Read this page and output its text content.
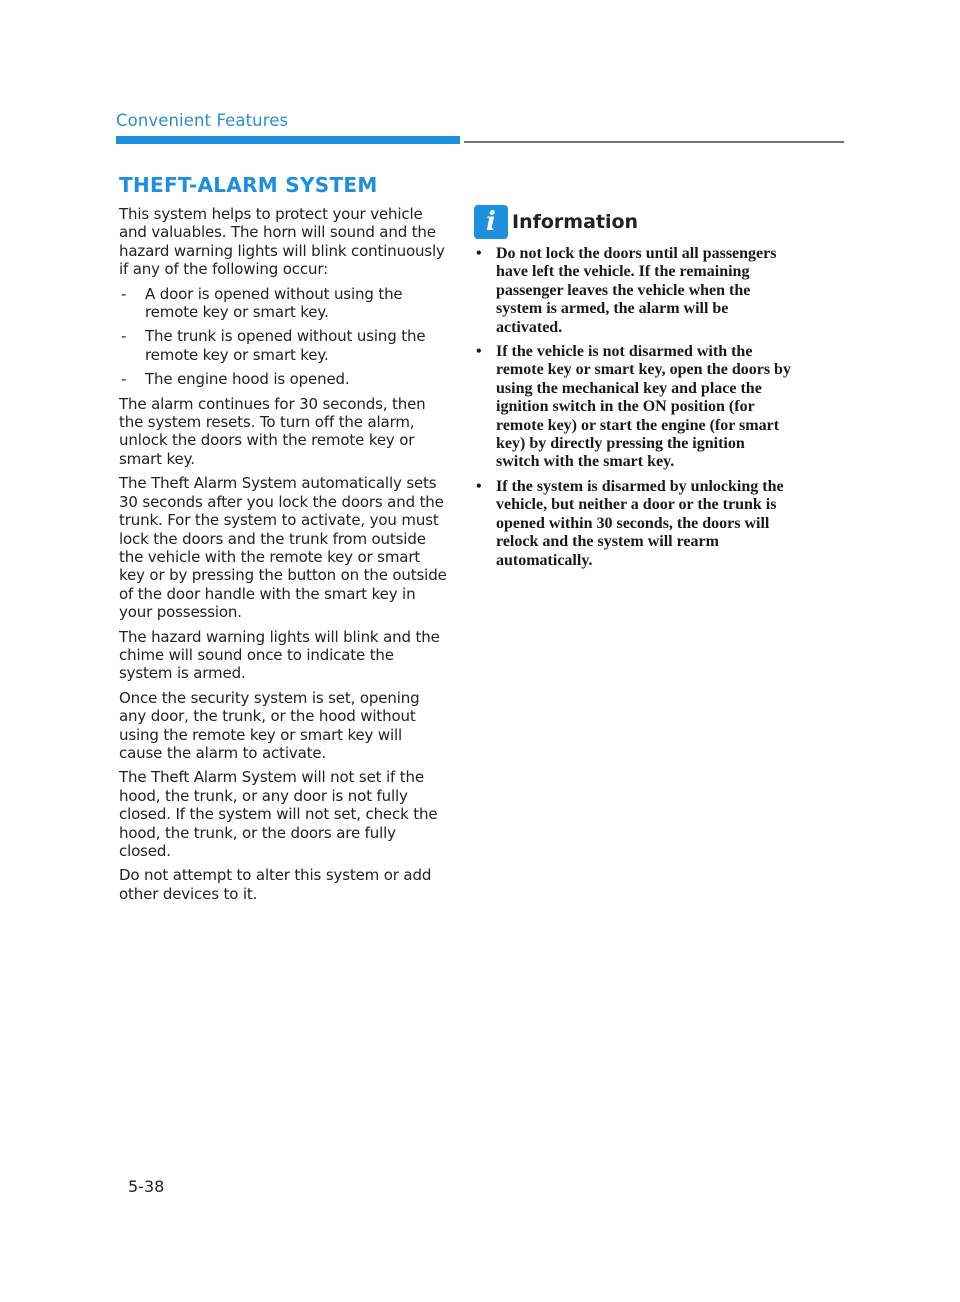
Convenient Features
THEFT-ALARM SYSTEM

This system helps to protect your vehicle and valuables. The horn will sound and the hazard warning lights will blink continuously if any of the following occur:

- A door is opened without using the remote key or smart key.
- The trunk is opened without using the remote key or smart key.
- The engine hood is opened.

The alarm continues for 30 seconds, then the system resets. To turn off the alarm, unlock the doors with the remote key or smart key.

The Theft Alarm System automatically sets 30 seconds after you lock the doors and the trunk. For the system to activate, you must lock the doors and the trunk from outside the vehicle with the remote key or smart key or by pressing the button on the outside of the door handle with the smart key in your possession.

The hazard warning lights will blink and the chime will sound once to indicate the system is armed.

Once the security system is set, opening any door, the trunk, or the hood without using the remote key or smart key will cause the alarm to activate.

The Theft Alarm System will not set if the hood, the trunk, or any door is not fully closed. If the system will not set, check the hood, the trunk, or the doors are fully closed.

Do not attempt to alter this system or add other devices to it.

i Information
• Do not lock the doors until all passengers have left the vehicle. If the remaining passenger leaves the vehicle when the system is armed, the alarm will be activated.
• If the vehicle is not disarmed with the remote key or smart key, open the doors by using the mechanical key and place the ignition switch in the ON position (for remote key) or start the engine (for smart key) by directly pressing the ignition switch with the smart key.
• If the system is disarmed by unlocking the vehicle, but neither a door or the trunk is opened within 30 seconds, the doors will relock and the system will rearm automatically.
5-38
